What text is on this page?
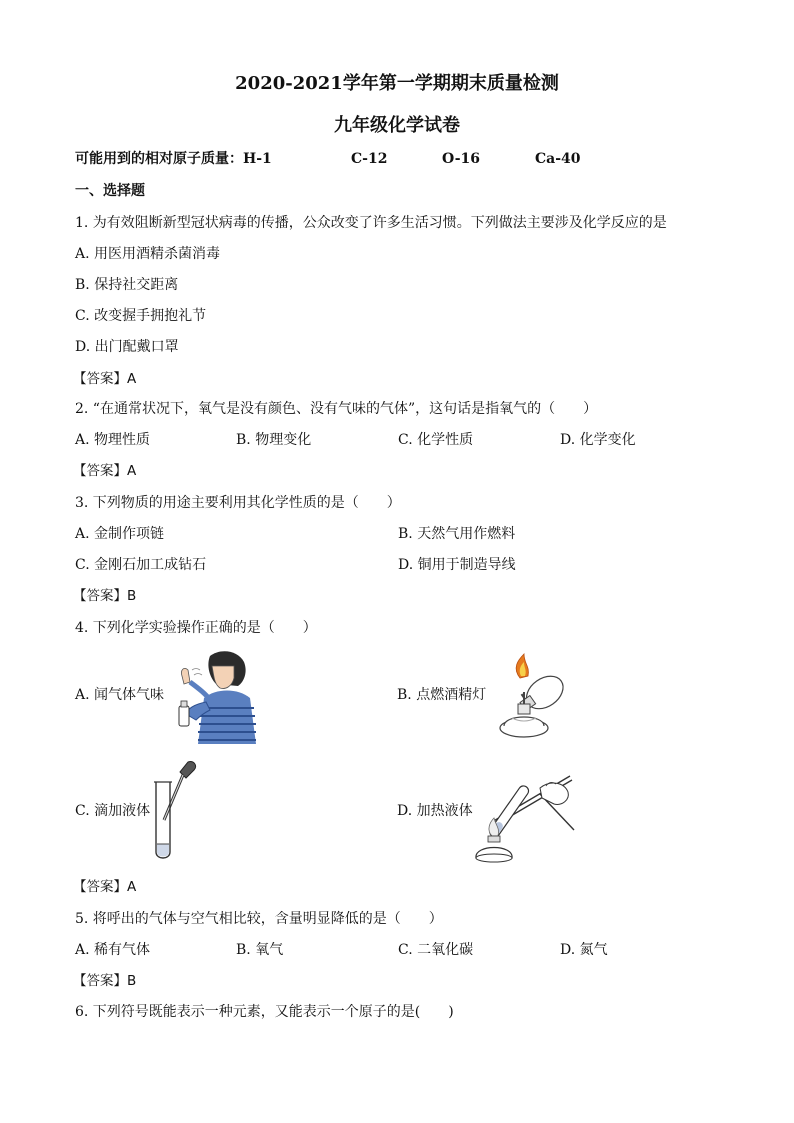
2020-2021学年第一学期期末质量检测
九年级化学试卷
可能用到的相对原子质量：H-1	C-12	O-16	Ca-40
一、选择题
1. 为有效阻断新型冠状病毒的传播，公众改变了许多生活习惯。下列做法主要涉及化学反应的是
A. 用医用酒精杀菌消毒
B. 保持社交距离
C. 改变握手拥抱礼节
D. 出门配戴口罩
【答案】A
2. “在通常状况下，氧气是没有颜色、没有气味的气体”，这句话是指氧气的（　　）
A. 物理性质	B. 物理变化	C. 化学性质	D. 化学变化
【答案】A
3. 下列物质的用途主要利用其化学性质的是（　　）
A. 金制作项链	B. 天然气用作燃料
C. 金刚石加工成钻石	D. 铜用于制造导线
【答案】B
4. 下列化学实验操作正确的是（　　）
A. 闻气体气味	B. 点燃酒精灯
C. 滴加液体	D. 加热液体
【答案】A
5. 将呼出的气体与空气相比较，含量明显降低的是（　　）
A. 稀有气体	B. 氧气	C. 二氧化碳	D. 氮气
【答案】B
6. 下列符号既能表示一种元素，又能表示一个原子的是(　　)
